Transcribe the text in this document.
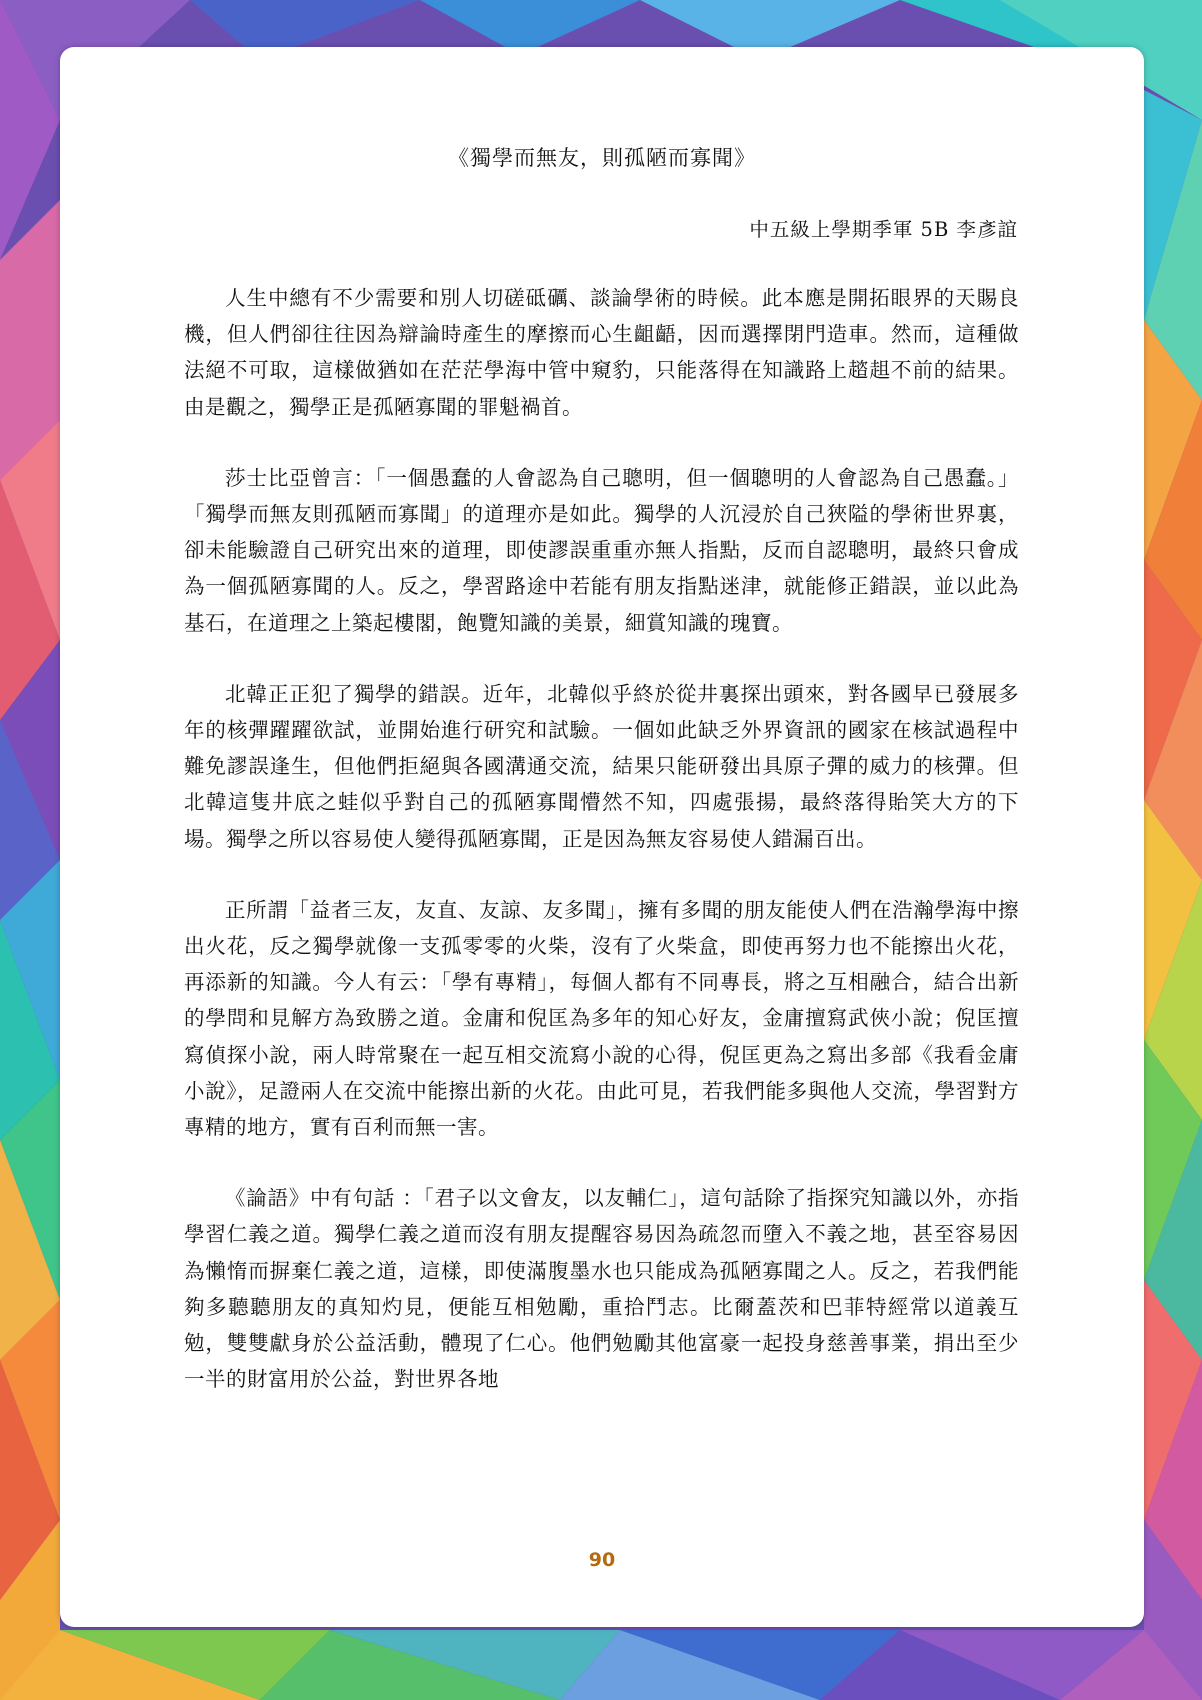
《獨學而無友，則孤陋而寡聞》
中五級上學期季軍 5B 李彥誼

人生中總有不少需要和別人切磋砥礪、談論學術的時候。此本應是開拓眼界的天賜良機，但人們卻往往因為辯論時產生的摩擦而心生齟齬，因而選擇閉門造車。然而，這種做法絕不可取，這樣做猶如在茫茫學海中管中窺豹，只能落得在知識路上趦趄不前的結果。由是觀之，獨學正是孤陋寡聞的罪魁禍首。

莎士比亞曾言：「一個愚蠢的人會認為自己聰明，但一個聰明的人會認為自己愚蠢。」「獨學而無友則孤陋而寡聞」的道理亦是如此。獨學的人沉浸於自己狹隘的學術世界裏，卻未能驗證自己研究出來的道理，即使謬誤重重亦無人指點，反而自認聰明，最終只會成為一個孤陋寡聞的人。反之，學習路途中若能有朋友指點迷津，就能修正錯誤，並以此為基石，在道理之上築起樓閣，飽覽知識的美景，細賞知識的瑰寶。

北韓正正犯了獨學的錯誤。近年，北韓似乎終於從井裏探出頭來，對各國早已發展多年的核彈躍躍欲試，並開始進行研究和試驗。一個如此缺乏外界資訊的國家在核試過程中難免謬誤逢生，但他們拒絕與各國溝通交流，結果只能研發出具原子彈的威力的核彈。但北韓這隻井底之蛙似乎對自己的孤陋寡聞懵然不知，四處張揚，最終落得貽笑大方的下場。獨學之所以容易使人變得孤陋寡聞，正是因為無友容易使人錯漏百出。

正所謂「益者三友，友直、友諒、友多聞」，擁有多聞的朋友能使人們在浩瀚學海中擦出火花，反之獨學就像一支孤零零的火柴，沒有了火柴盒，即使再努力也不能擦出火花，再添新的知識。今人有云：「學有專精」，每個人都有不同專長，將之互相融合，結合出新的學問和見解方為致勝之道。金庸和倪匡為多年的知心好友，金庸擅寫武俠小說；倪匡擅寫偵探小說，兩人時常聚在一起互相交流寫小說的心得，倪匡更為之寫出多部《我看金庸小說》，足證兩人在交流中能擦出新的火花。由此可見，若我們能多與他人交流，學習對方專精的地方，實有百利而無一害。

《論語》中有句話 ：「君子以文會友，以友輔仁」，這句話除了指探究知識以外，亦指學習仁義之道。獨學仁義之道而沒有朋友提醒容易因為疏忽而墮入不義之地，甚至容易因為懶惰而摒棄仁義之道，這樣，即使滿腹墨水也只能成為孤陋寡聞之人。反之，若我們能夠多聽聽朋友的真知灼見，便能互相勉勵，重拾鬥志。比爾蓋茨和巴菲特經常以道義互勉，雙雙獻身於公益活動，體現了仁心。他們勉勵其他富豪一起投身慈善事業，捐出至少一半的財富用於公益，對世界各地

90
